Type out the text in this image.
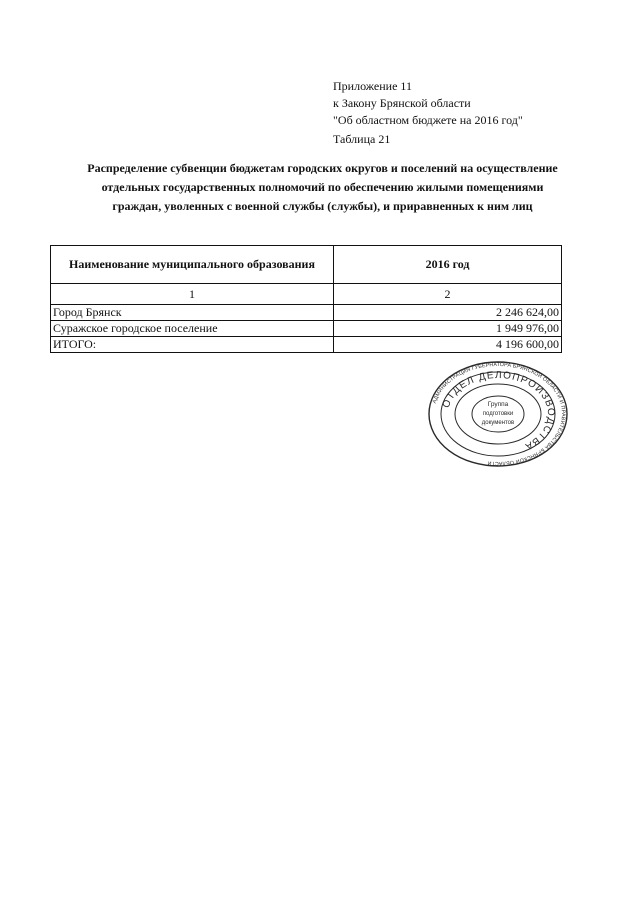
Приложение 11
к Закону Брянской области
"Об областном бюджете на 2016 год"
Таблица 21
Распределение субвенции бюджетам городских округов и поселений на осуществление
отдельных государственных полномочий по обеспечению жилыми помещениями
граждан, уволенных с военной службы (службы), и приравненных к ним лиц
Наименование муниципального образования	2016 год
1	2
Город Брянск	2 246 624,00
Суражское городское поселение	1 949 976,00
ИТОГО:	4 196 600,00
АДМИНИСТРАЦИЯ ГУБЕРНАТОРА БРЯНСКОЙ ОБЛАСТИ И ПРАВИТЕЛЬСТВА БРЯНСКОЙ ОБЛАСТИ
ОТДЕЛ ДЕЛОПРОИЗВОДСТВА
Группа
подготовки
документов
